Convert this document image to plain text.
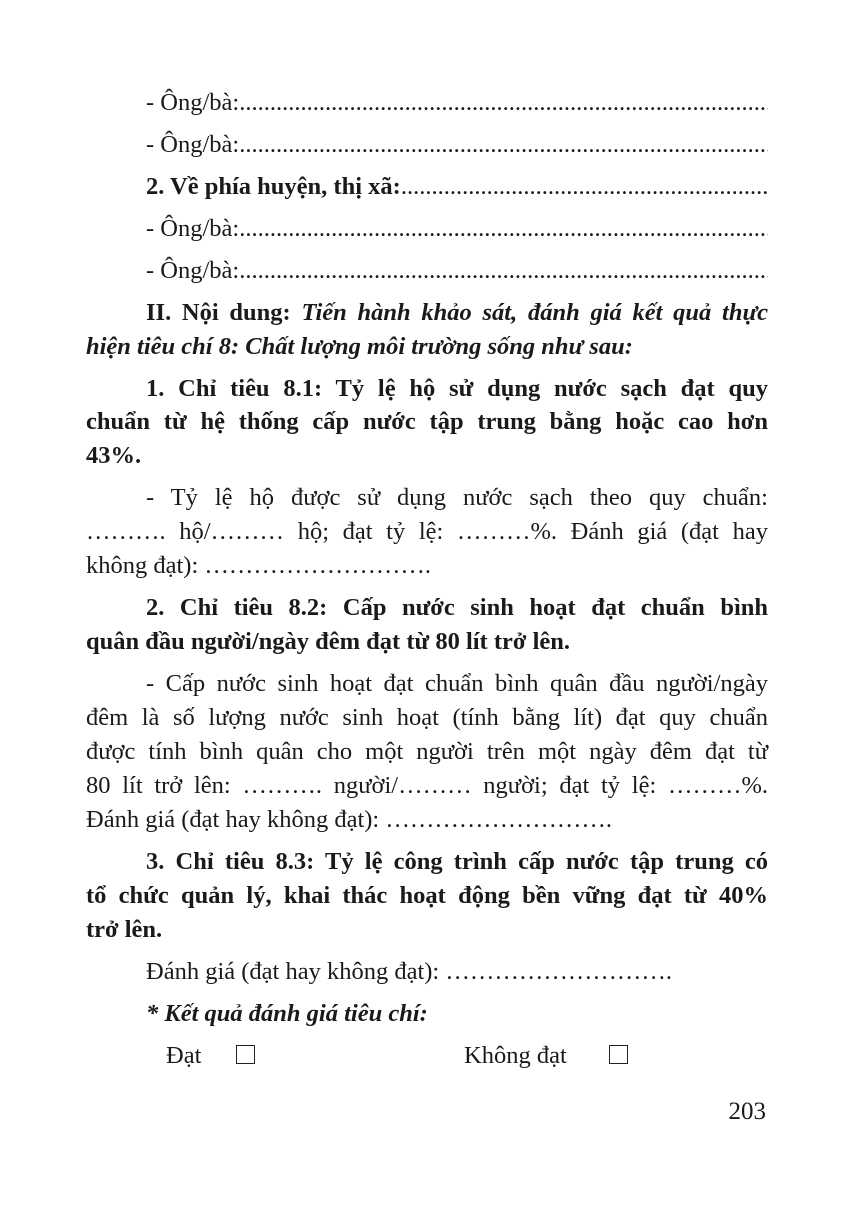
- Ông/bà:
.....
- Ông/bà:
.....
2. Về phía huyện, thị xã:
.....
- Ông/bà:
.....
- Ông/bà:
.....
II. Nội dung: Tiến hành khảo sát, đánh giá kết quả thực
hiện tiêu chí 8: Chất lượng môi trường sống như sau:
1. Chỉ tiêu 8.1: Tỷ lệ hộ sử dụng nước sạch đạt quy
chuẩn từ hệ thống cấp nước tập trung bằng hoặc cao hơn
43%.
- Tỷ lệ hộ được sử dụng nước sạch theo quy chuẩn:
………. hộ/……… hộ; đạt tỷ lệ: ………%. Đánh giá (đạt hay
không đạt): ……………………….
2. Chỉ tiêu 8.2: Cấp nước sinh hoạt đạt chuẩn bình
quân đầu người/ngày đêm đạt từ 80 lít trở lên.
- Cấp nước sinh hoạt đạt chuẩn bình quân đầu người/ngày
đêm là số lượng nước sinh hoạt (tính bằng lít) đạt quy chuẩn
được tính bình quân cho một người trên một ngày đêm đạt từ
80 lít trở lên: ………. người/……… người; đạt tỷ lệ: ………%.
Đánh giá (đạt hay không đạt): ……………………….
3. Chỉ tiêu 8.3: Tỷ lệ công trình cấp nước tập trung có
tổ chức quản lý, khai thác hoạt động bền vững đạt từ 40%
trở lên.
Đánh giá (đạt hay không đạt): ……………………….
* Kết quả đánh giá tiêu chí:
Đạt	Không đạt
203
